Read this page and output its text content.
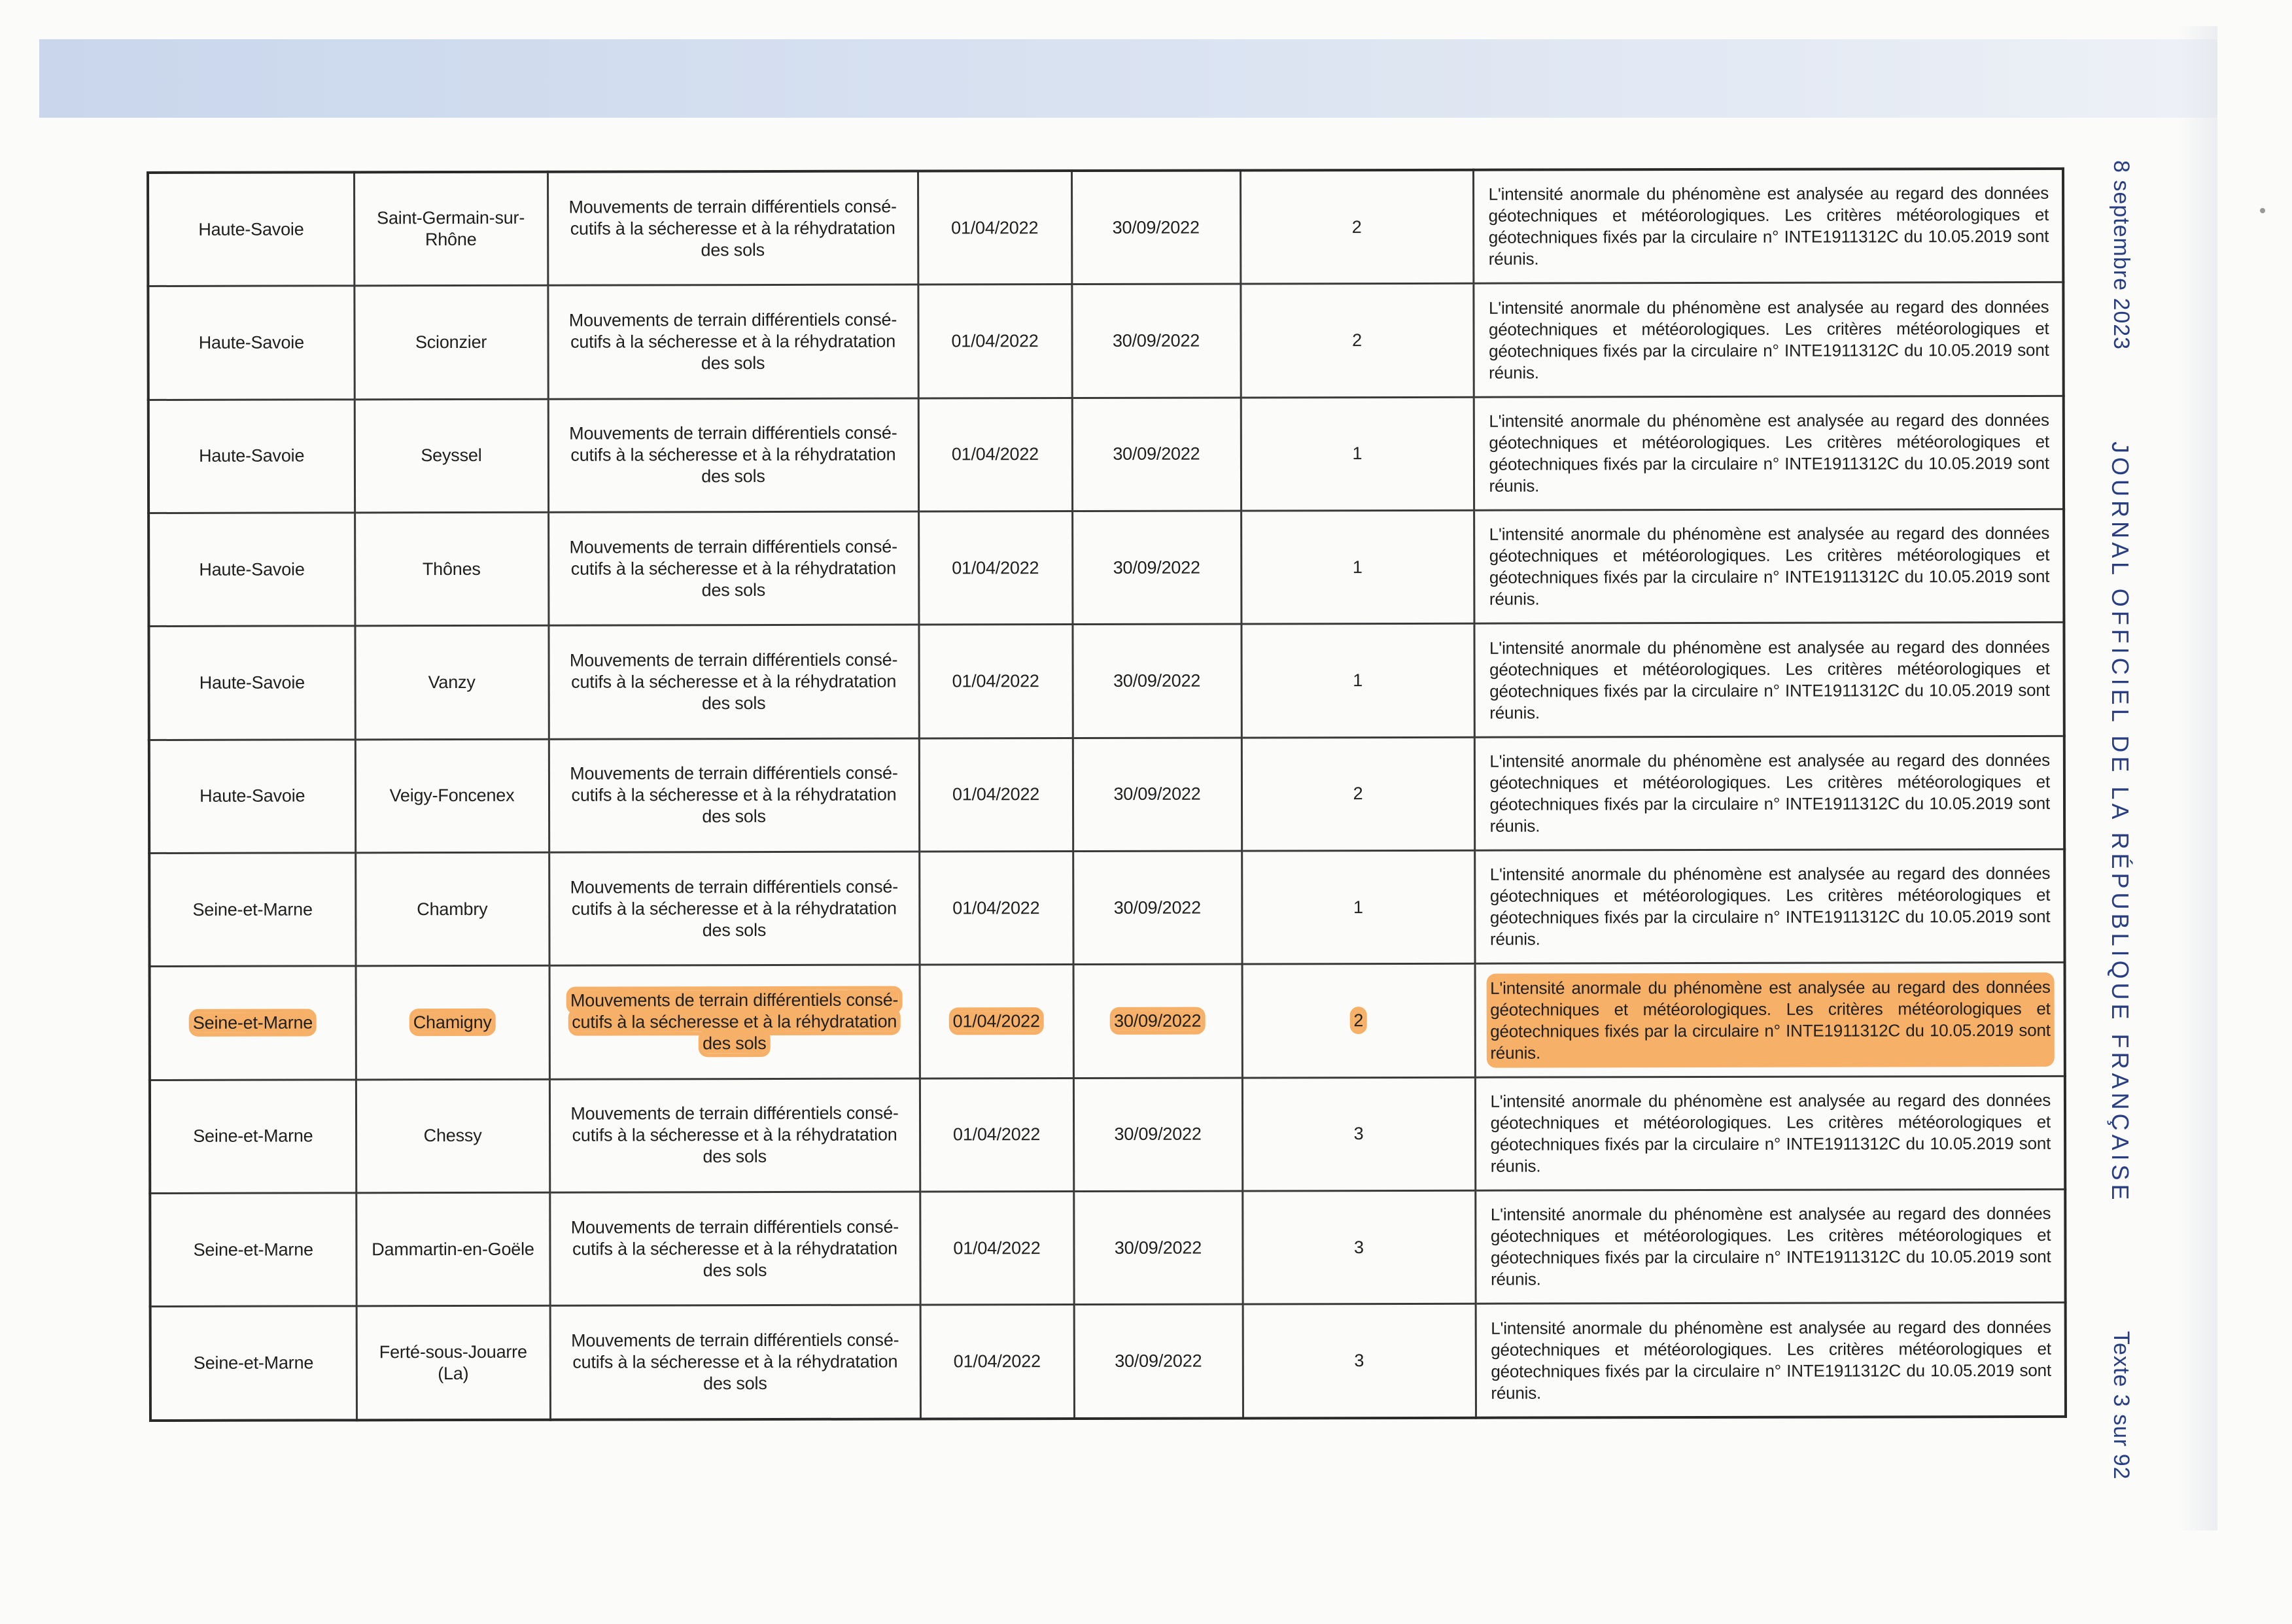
Haute-Savoie	Saint-Germain-sur-Rhône	Mouvements de terrain différentiels consé-cutifs à la sécheresse et à la réhydratation des sols	01/04/2022	30/09/2022	2	L'intensité anormale du phénomène est analysée au regard des données géotechniques et météorologiques. Les critères météorologiques et géotechniques fixés par la circulaire n° INTE1911312C du 10.05.2019 sont réunis.

Haute-Savoie	Scionzier	Mouvements de terrain différentiels consé-cutifs à la sécheresse et à la réhydratation des sols	01/04/2022	30/09/2022	2	L'intensité anormale du phénomène est analysée au regard des données géotechniques et météorologiques. Les critères météorologiques et géotechniques fixés par la circulaire n° INTE1911312C du 10.05.2019 sont réunis.

Haute-Savoie	Seyssel	Mouvements de terrain différentiels consé-cutifs à la sécheresse et à la réhydratation des sols	01/04/2022	30/09/2022	1	L'intensité anormale du phénomène est analysée au regard des données géotechniques et météorologiques. Les critères météorologiques et géotechniques fixés par la circulaire n° INTE1911312C du 10.05.2019 sont réunis.

Haute-Savoie	Thônes	Mouvements de terrain différentiels consé-cutifs à la sécheresse et à la réhydratation des sols	01/04/2022	30/09/2022	1	L'intensité anormale du phénomène est analysée au regard des données géotechniques et météorologiques. Les critères météorologiques et géotechniques fixés par la circulaire n° INTE1911312C du 10.05.2019 sont réunis.

Haute-Savoie	Vanzy	Mouvements de terrain différentiels consé-cutifs à la sécheresse et à la réhydratation des sols	01/04/2022	30/09/2022	1	L'intensité anormale du phénomène est analysée au regard des données géotechniques et météorologiques. Les critères météorologiques et géotechniques fixés par la circulaire n° INTE1911312C du 10.05.2019 sont réunis.

Haute-Savoie	Veigy-Foncenex	Mouvements de terrain différentiels consé-cutifs à la sécheresse et à la réhydratation des sols	01/04/2022	30/09/2022	2	L'intensité anormale du phénomène est analysée au regard des données géotechniques et météorologiques. Les critères météorologiques et géotechniques fixés par la circulaire n° INTE1911312C du 10.05.2019 sont réunis.

Seine-et-Marne	Chambry	Mouvements de terrain différentiels consé-cutifs à la sécheresse et à la réhydratation des sols	01/04/2022	30/09/2022	1	L'intensité anormale du phénomène est analysée au regard des données géotechniques et météorologiques. Les critères météorologiques et géotechniques fixés par la circulaire n° INTE1911312C du 10.05.2019 sont réunis.

Seine-et-Marne	Chamigny	Mouvements de terrain différentiels consé-cutifs à la sécheresse et à la réhydratation des sols	01/04/2022	30/09/2022	2	L'intensité anormale du phénomène est analysée au regard des données géotechniques et météorologiques. Les critères météorologiques et géotechniques fixés par la circulaire n° INTE1911312C du 10.05.2019 sont réunis.

Seine-et-Marne	Chessy	Mouvements de terrain différentiels consé-cutifs à la sécheresse et à la réhydratation des sols	01/04/2022	30/09/2022	3	L'intensité anormale du phénomène est analysée au regard des données géotechniques et météorologiques. Les critères météorologiques et géotechniques fixés par la circulaire n° INTE1911312C du 10.05.2019 sont réunis.

Seine-et-Marne	Dammartin-en-Goële	Mouvements de terrain différentiels consé-cutifs à la sécheresse et à la réhydratation des sols	01/04/2022	30/09/2022	3	L'intensité anormale du phénomène est analysée au regard des données géotechniques et météorologiques. Les critères météorologiques et géotechniques fixés par la circulaire n° INTE1911312C du 10.05.2019 sont réunis.

Seine-et-Marne	Ferté-sous-Jouarre (La)	Mouvements de terrain différentiels consé-cutifs à la sécheresse et à la réhydratation des sols	01/04/2022	30/09/2022	3	L'intensité anormale du phénomène est analysée au regard des données géotechniques et météorologiques. Les critères météorologiques et géotechniques fixés par la circulaire n° INTE1911312C du 10.05.2019 sont réunis.
8 septembre 2023
JOURNAL OFFICIEL DE LA RÉPUBLIQUE FRANÇAISE
Texte 3 sur 92
